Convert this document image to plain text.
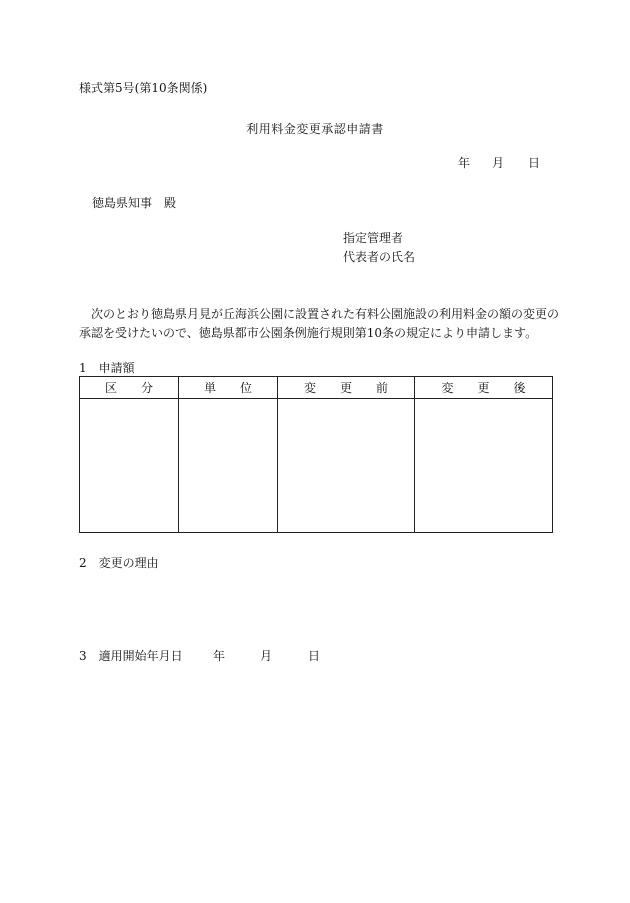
様式第5号(第10条関係)
利用料金変更承認申請書
年 月 日
徳島県知事　殿
指定管理者
代表者の氏名
　次のとおり徳島県月見が丘海浜公園に設置された有料公園施設の利用料金の額の変更の
承認を受けたいので、徳島県都市公園条例施行規則第10条の規定により申請します。
1　申請額
区　　分	単　　位	変　　更　　前	変　　更　　後

2　変更の理由
3　適用開始年月日	年	月	日
